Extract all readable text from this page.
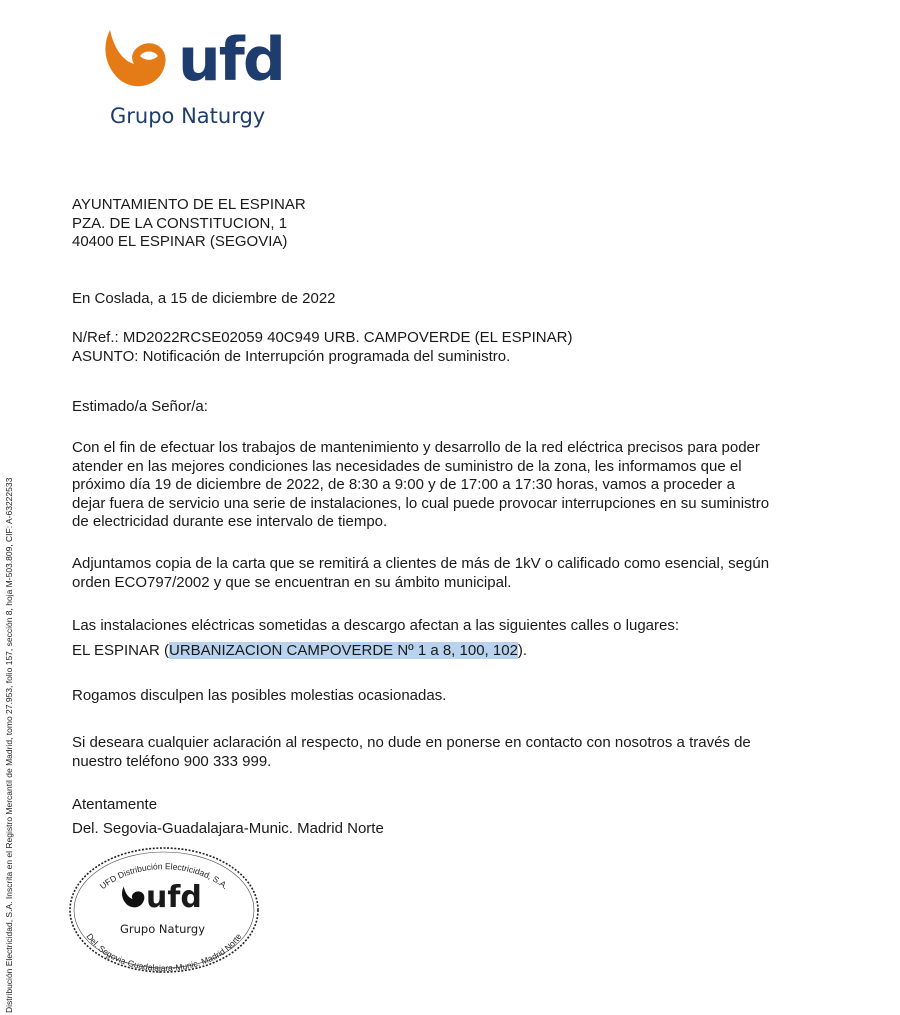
ufd
Grupo Naturgy
Distribución Electricidad, S.A. Inscrita en el Registro Mercantil de Madrid, tomo 27.953, folio 157, sección 8, hoja M-503.809, CIF: A-63222533
AYUNTAMIENTO DE EL ESPINAR
PZA. DE LA CONSTITUCION, 1
40400 EL ESPINAR (SEGOVIA)
En Coslada, a 15 de diciembre de 2022
N/Ref.: MD2022RCSE02059 40C949 URB. CAMPOVERDE (EL ESPINAR)
ASUNTO: Notificación de Interrupción programada del suministro.
Estimado/a Señor/a:
Con el fin de efectuar los trabajos de mantenimiento y desarrollo de la red eléctrica precisos para poder
atender en las mejores condiciones las necesidades de suministro de la zona, les informamos que el
próximo día 19 de diciembre de 2022, de 8:30 a 9:00 y de 17:00 a 17:30 horas, vamos a proceder a
dejar fuera de servicio una serie de instalaciones, lo cual puede provocar interrupciones en su suministro
de electricidad durante ese intervalo de tiempo.
Adjuntamos copia de la carta que se remitirá a clientes de más de 1kV o calificado como esencial, según
orden ECO797/2002 y que se encuentran en su ámbito municipal.
Las instalaciones eléctricas sometidas a descargo afectan a las siguientes calles o lugares:
EL ESPINAR (URBANIZACION CAMPOVERDE Nº 1 a 8, 100, 102).
Rogamos disculpen las posibles molestias ocasionadas.
Si deseara cualquier aclaración al respecto, no dude en ponerse en contacto con nosotros a través de
nuestro teléfono 900 333 999.
Atentamente
Del. Segovia-Guadalajara-Munic. Madrid Norte
UFD Distribución Electricidad, S.A.
Del. Segovia-Guadalajara-Munic. Madrid Norte
ufd
Grupo Naturgy
